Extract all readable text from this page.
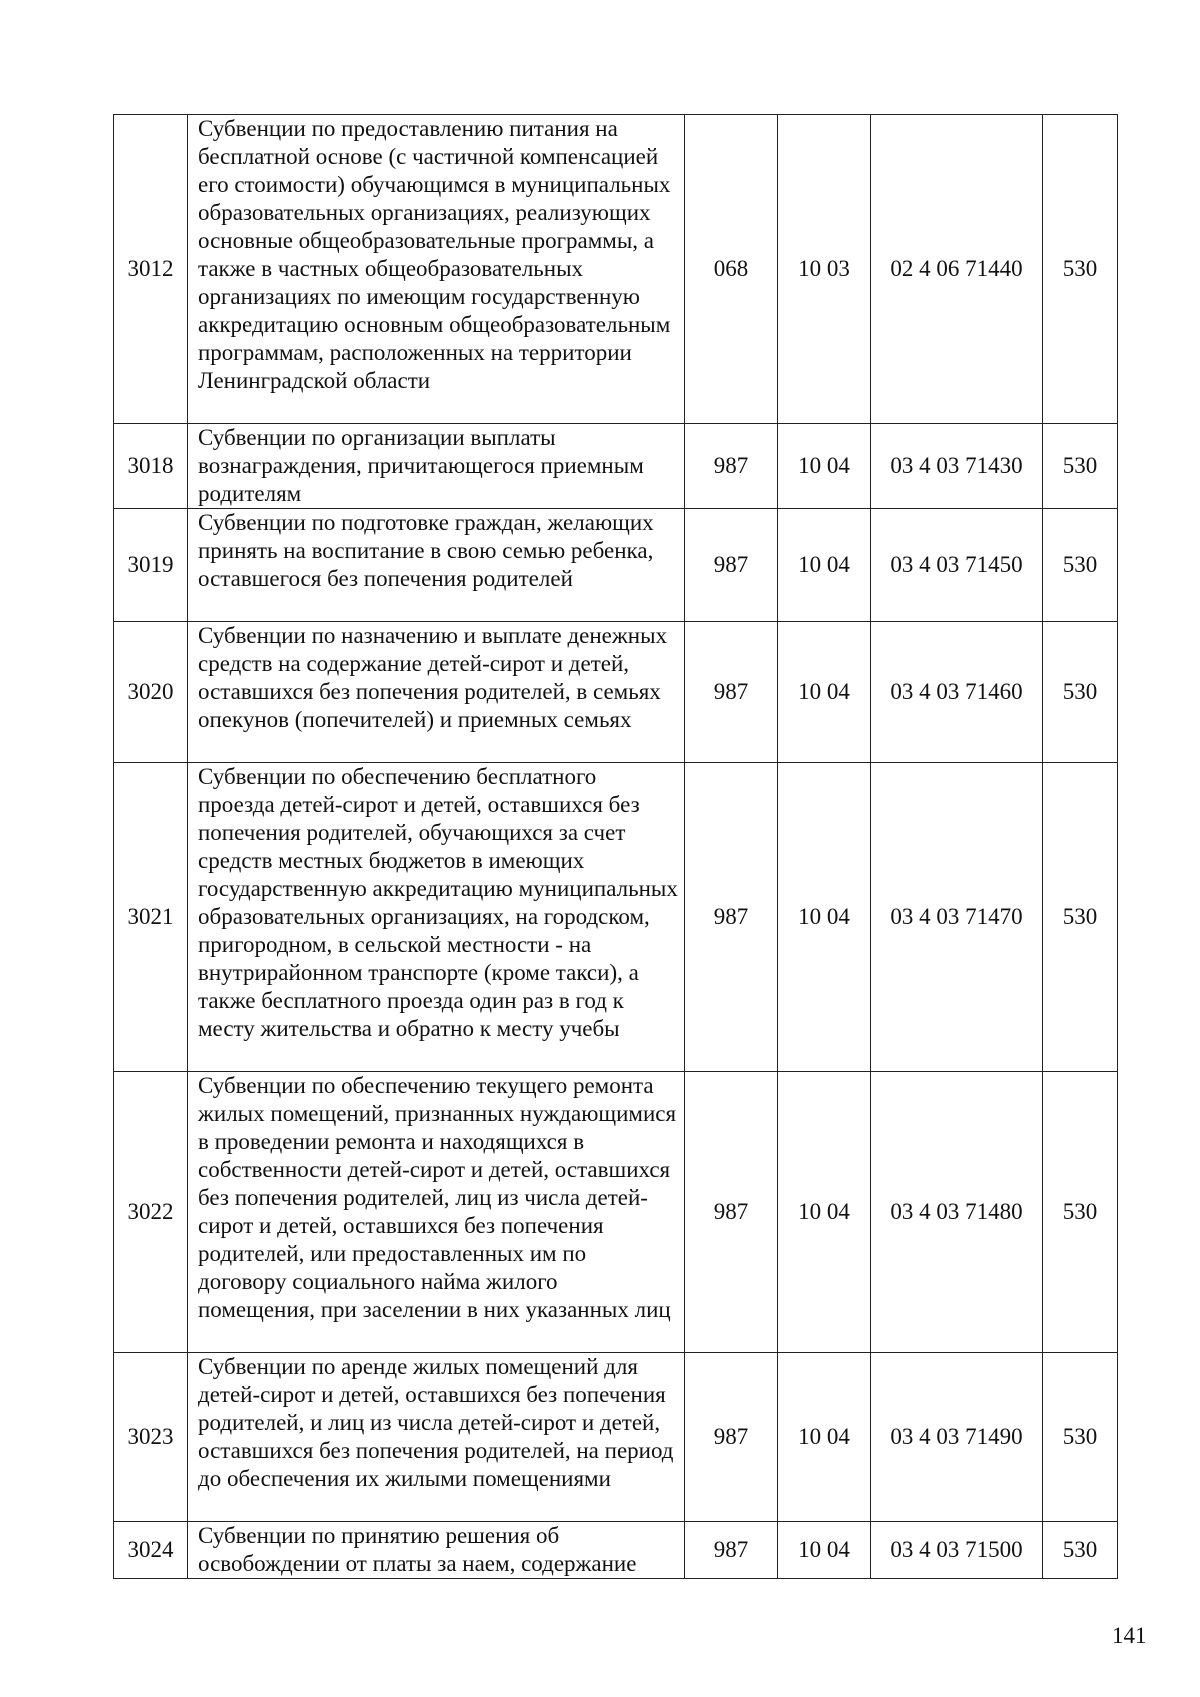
3012	Субвенции по предоставлению питания на бесплатной основе (с частичной компенсацией его стоимости) обучающимся в муниципальных образовательных организациях, реализующих основные общеобразовательные программы, а также в частных общеобразовательных организациях по имеющим государственную аккредитацию основным общеобразовательным программам, расположенных на территории Ленинградской области	068	10 03	02 4 06 71440	530
3018	Субвенции по организации выплаты вознаграждения, причитающегося приемным родителям	987	10 04	03 4 03 71430	530
3019	Субвенции по подготовке граждан, желающих принять на воспитание в свою семью ребенка, оставшегося без попечения родителей	987	10 04	03 4 03 71450	530
3020	Субвенции по назначению и выплате денежных средств на содержание детей-сирот и детей, оставшихся без попечения родителей, в семьях опекунов (попечителей) и приемных семьях	987	10 04	03 4 03 71460	530
3021	Субвенции по обеспечению бесплатного проезда детей-сирот и детей, оставшихся без попечения родителей, обучающихся за счет средств местных бюджетов в имеющих государственную аккредитацию муниципальных образовательных организациях, на городском, пригородном, в сельской местности - на внутрирайонном транспорте (кроме такси), а также бесплатного проезда один раз в год к месту жительства и обратно к месту учебы	987	10 04	03 4 03 71470	530
3022	Субвенции по обеспечению текущего ремонта жилых помещений, признанных нуждающимися в проведении ремонта и находящихся в собственности детей-сирот и детей, оставшихся без попечения родителей, лиц из числа детей-сирот и детей, оставшихся без попечения родителей, или предоставленных им по договору социального найма жилого помещения, при заселении в них указанных лиц	987	10 04	03 4 03 71480	530
3023	Субвенции по аренде жилых помещений для детей-сирот и детей, оставшихся без попечения родителей, и лиц из числа детей-сирот и детей, оставшихся без попечения родителей, на период до обеспечения их жилыми помещениями	987	10 04	03 4 03 71490	530
3024	Субвенции по принятию решения об освобождении от платы за наем, содержание	987	10 04	03 4 03 71500	530
141
